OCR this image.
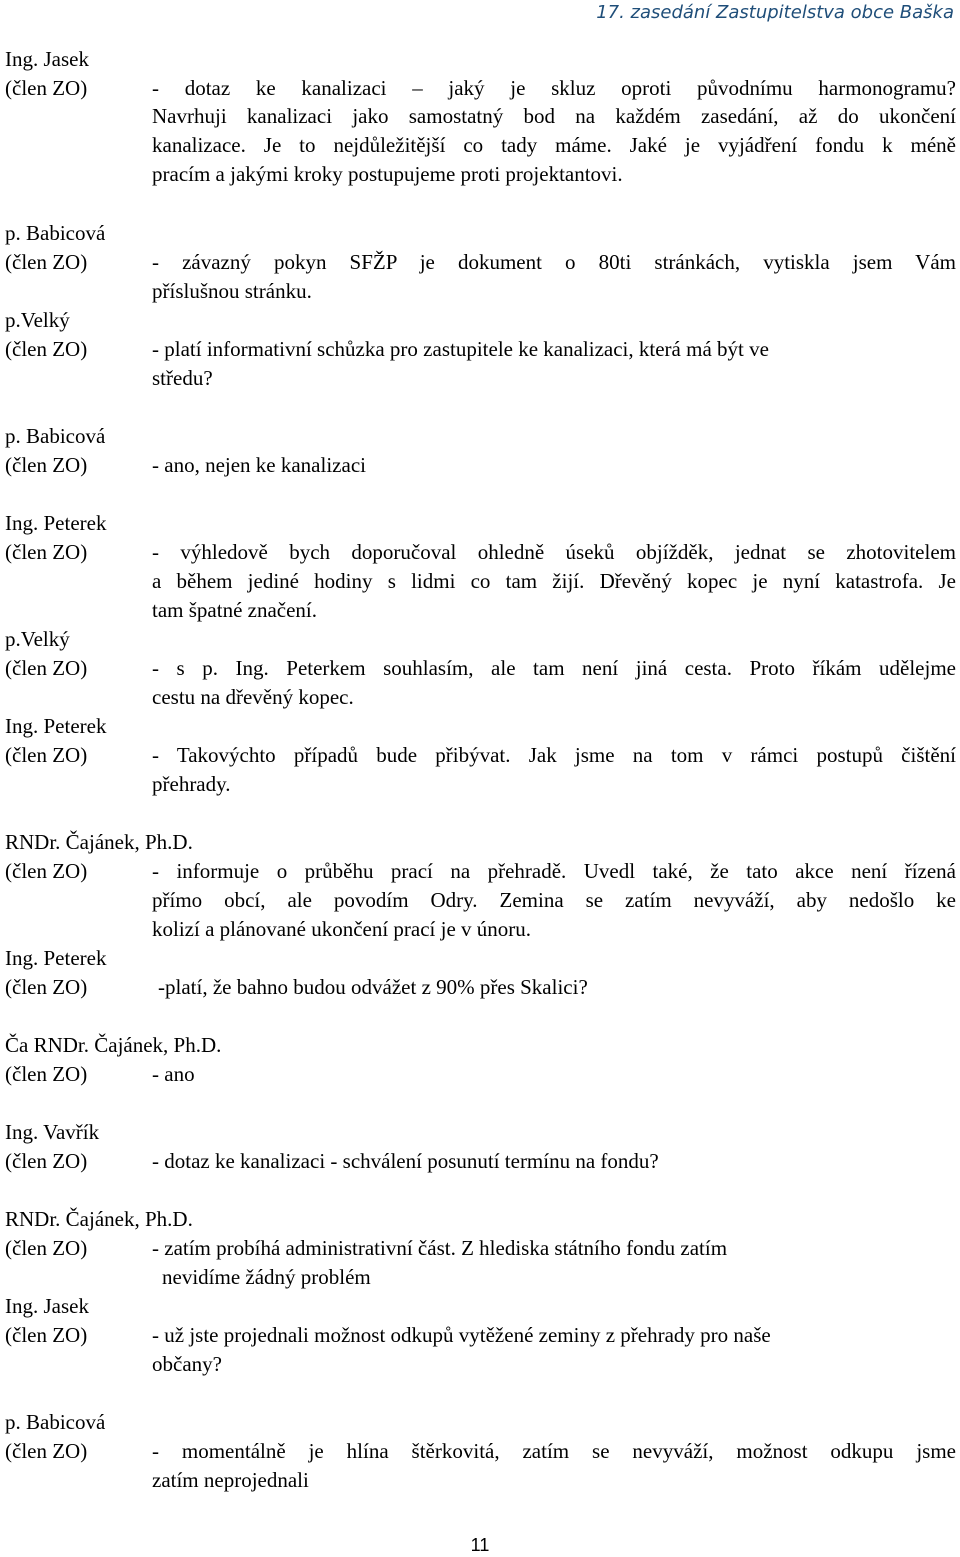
17. zasedání Zastupitelstva obce Baška
Ing. Jasek
(člen ZO)	- dotaz ke kanalizaci – jaký je skluz oproti původnímu harmonogramu?
Navrhuji kanalizaci jako samostatný bod na každém zasedání, až do ukončení
kanalizace. Je to nejdůležitější co tady máme. Jaké je vyjádření fondu k méně
pracím a jakými kroky postupujeme proti projektantovi.
p. Babicová
(člen ZO)	- závazný pokyn SFŽP je dokument o 80ti stránkách, vytiskla jsem Vám
příslušnou stránku.
p.Velký
(člen ZO)	- platí informativní schůzka pro zastupitele ke kanalizaci, která má být ve
středu?
p. Babicová
(člen ZO)	- ano, nejen ke kanalizaci
Ing. Peterek
(člen ZO)	- výhledově bych doporučoval ohledně úseků objížděk, jednat se zhotovitelem
a během jediné hodiny s lidmi co tam žijí. Dřevěný kopec je nyní katastrofa. Je
tam špatné značení.
p.Velký
(člen ZO)	- s p. Ing. Peterkem souhlasím, ale tam není jiná cesta. Proto říkám udělejme
cestu na dřevěný kopec.
Ing. Peterek
(člen ZO)	- Takovýchto případů bude přibývat. Jak jsme na tom v rámci postupů čištění
přehrady.
RNDr. Čajánek, Ph.D.
(člen ZO)	- informuje o průběhu prací na přehradě. Uvedl také, že tato akce není řízená
přímo obcí, ale povodím Odry. Zemina se zatím nevyváží, aby nedošlo ke
kolizí a plánované ukončení prací je v únoru.
Ing. Peterek
(člen ZO)	-platí, že bahno budou odvážet z 90% přes Skalici?
Ča RNDr. Čajánek, Ph.D.
(člen ZO)	- ano
Ing. Vavřík
(člen ZO)	- dotaz ke kanalizaci - schválení posunutí termínu na fondu?
RNDr. Čajánek, Ph.D.
(člen ZO)	- zatím probíhá administrativní část. Z hlediska státního fondu zatím
nevidíme žádný problém
Ing. Jasek
(člen ZO)	- už jste projednali možnost odkupů vytěžené zeminy z přehrady pro naše
občany?
p. Babicová
(člen ZO)	- momentálně je hlína štěrkovitá, zatím se nevyváží, možnost odkupu jsme
zatím neprojednali
11
